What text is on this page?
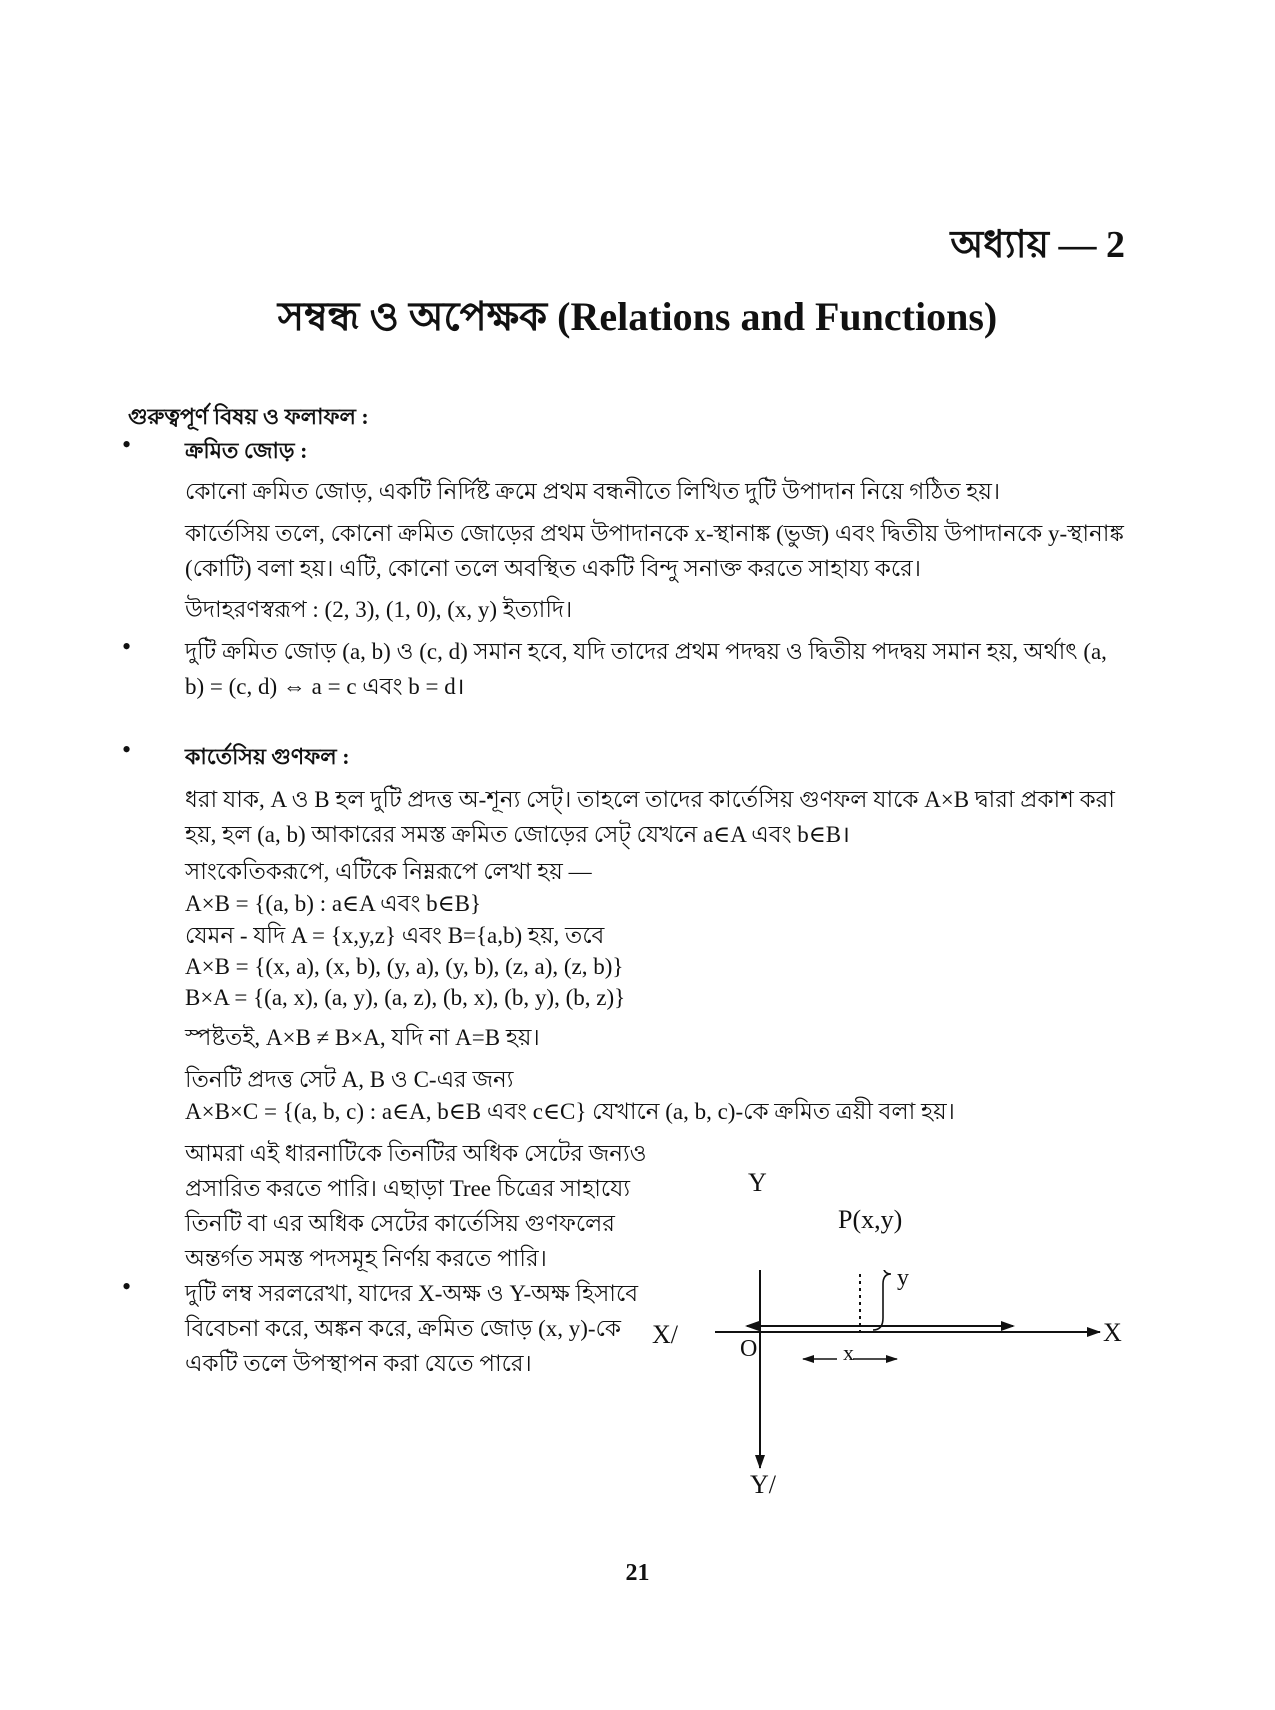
অধ্যায় — 2
সম্বন্ধ ও অপেক্ষক (Relations and Functions)
গুরুত্বপূর্ণ বিষয় ও ফলাফল :
• ক্রমিত জোড় :
কোনো ক্রমিত জোড়, একটি নির্দিষ্ট ক্রমে প্রথম বন্ধনীতে লিখিত দুটি উপাদান নিয়ে গঠিত হয়।
কার্তেসিয় তলে, কোনো ক্রমিত জোড়ের প্রথম উপাদানকে x-স্থানাঙ্ক (ভুজ) এবং দ্বিতীয় উপাদানকে y-স্থানাঙ্ক (কোটি) বলা হয়। এটি, কোনো তলে অবস্থিত একটি বিন্দু সনাক্ত করতে সাহায্য করে।
উদাহরণস্বরূপ : (2, 3), (1, 0), (x, y) ইত্যাদি।
• দুটি ক্রমিত জোড় (a, b) ও (c, d) সমান হবে, যদি তাদের প্রথম পদদ্বয় ও দ্বিতীয় পদদ্বয় সমান হয়, অর্থাৎ (a, b) = (c, d) ⇔ a = c এবং b = d।
• কার্তেসিয় গুণফল :
ধরা যাক, A ও B হল দুটি প্রদত্ত অ-শূন্য সেট্। তাহলে তাদের কার্তেসিয় গুণফল যাকে A×B দ্বারা প্রকাশ করা হয়, হল (a, b) আকারের সমস্ত ক্রমিত জোড়ের সেট্ যেখনে a∈A এবং b∈B।
সাংকেতিকরূপে, এটিকে নিম্নরূপে লেখা হয় —
A×B = {(a, b) : a∈A এবং b∈B}
যেমন - যদি A = {x,y,z} এবং B={a,b) হয়, তবে
A×B = {(x, a), (x, b), (y, a), (y, b), (z, a), (z, b)}
B×A = {(a, x), (a, y), (a, z), (b, x), (b, y), (b, z)}
স্পষ্টতই, A×B ≠ B×A, যদি না A=B হয়।
তিনটি প্রদত্ত সেট A, B ও C-এর জন্য
A×B×C = {(a, b, c) : a∈A, b∈B এবং c∈C} যেখানে (a, b, c)-কে ক্রমিত ত্রয়ী বলা হয়।
আমরা এই ধারনাটিকে তিনটির অধিক সেটের জন্যও প্রসারিত করতে পারি। এছাড়া Tree চিত্রের সাহায্যে তিনটি বা এর অধিক সেটের কার্তেসিয় গুণফলের অন্তর্গত সমস্ত পদসমূহ নির্ণয় করতে পারি।
• দুটি লম্ব সরলরেখা, যাদের X-অক্ষ ও Y-অক্ষ হিসাবে বিবেচনা করে, অঙ্কন করে, ক্রমিত জোড় (x, y)-কে একটি তলে উপস্থাপন করা যেতে পারে।
21
Y
Y/
X
X/	O
P(x,y)
y
x
